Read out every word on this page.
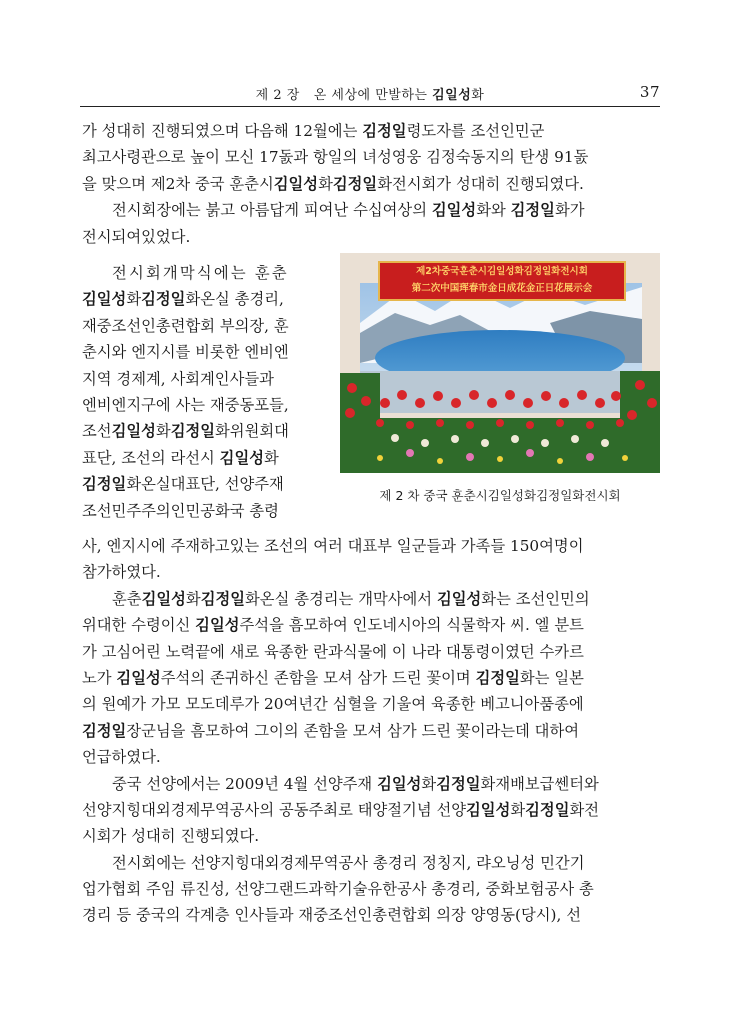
제 2 장 온 세상에 만발하는 김일성화	37
가 성대히 진행되였으며 다음해 12월에는 김정일령도자를 조선인민군
최고사령관으로 높이 모신 17돐과 항일의 녀성영웅 김정숙동지의 탄생 91돐
을 맞으며 제2차 중국 훈춘시김일성화김정일화전시회가 성대히 진행되였다.
전시회장에는 붉고 아름답게 피여난 수십여상의 김일성화와 김정일화가
전시되여있었다.
전시회개막식에는 훈춘
김일성화김정일화온실 총경리,
재중조선인총련합회 부의장, 훈
춘시와 엔지시를 비롯한 엔비엔
지역 경제계, 사회계인사들과
엔비엔지구에 사는 재중동포들,
조선김일성화김정일화위원회대
표단, 조선의 라선시 김일성화
김정일화온실대표단, 선양주재
조선민주주의인민공화국 총령
제2차중국훈춘시김일성화김정일화전시회
第二次中国珲春市金日成花金正日花展示会
제 2 차 중국 훈춘시김일성화김정일화전시회
사, 엔지시에 주재하고있는 조선의 여러 대표부 일군들과 가족들 150여명이
참가하였다.
훈춘김일성화김정일화온실 총경리는 개막사에서 김일성화는 조선인민의
위대한 수령이신 김일성주석을 흠모하여 인도네시아의 식물학자 씨. 엘 분트
가 고심어린 노력끝에 새로 육종한 란과식물에 이 나라 대통령이였던 수카르
노가 김일성주석의 존귀하신 존함을 모셔 삼가 드린 꽃이며 김정일화는 일본
의 원예가 가모 모도데루가 20여년간 심혈을 기울여 육종한 베고니아품종에
김정일장군님을 흠모하여 그이의 존함을 모셔 삼가 드린 꽃이라는데 대하여
언급하였다.
중국 선양에서는 2009년 4월 선양주재 김일성화김정일화재배보급쎈터와
선양지힝대외경제무역공사의 공동주최로 태양절기념 선양김일성화김정일화전
시회가 성대히 진행되였다.
전시회에는 선양지힝대외경제무역공사 총경리 정칭지, 랴오닝성 민간기
업가협회 주임 류진성, 선양그랜드과학기술유한공사 총경리, 중화보험공사 총
경리 등 중국의 각계층 인사들과 재중조선인총련합회 의장 양영동(당시), 선
